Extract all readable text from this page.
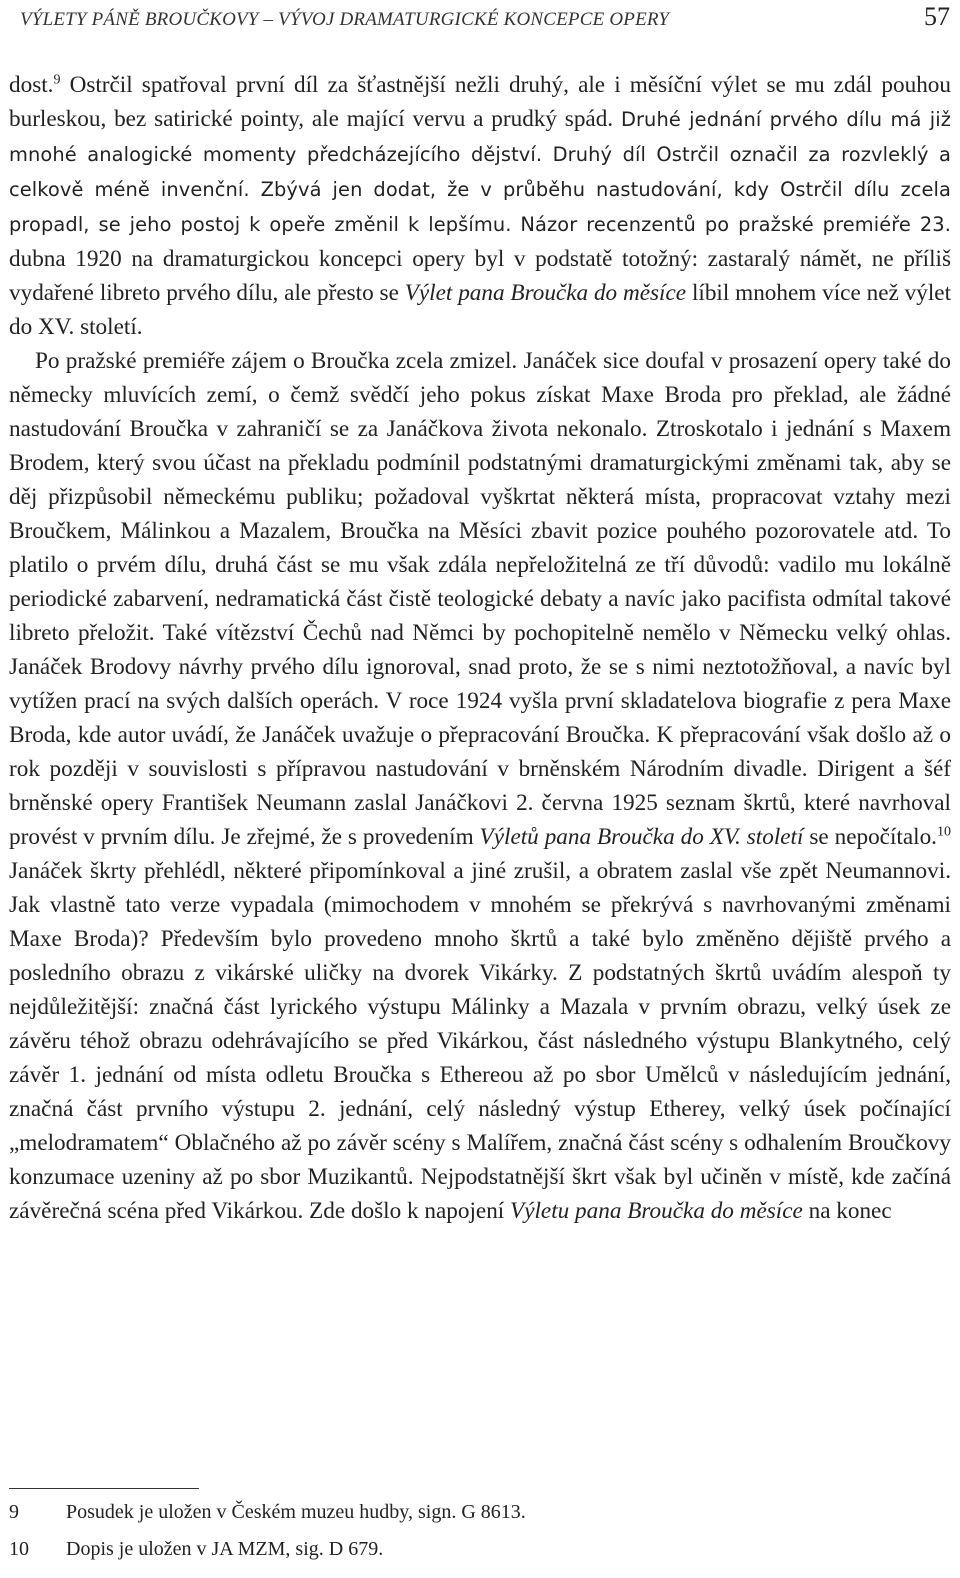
VÝLETY PÁNĚ BROUČKOVY – VÝVOJ DRAMATURGICKÉ KONCEPCE OPERY	57

dost.$^9$ Ostrčil spatřoval první díl za šťastnější nežli druhý, ale i měsíční výlet se mu zdál pouhou burleskou, bez satirické pointy, ale mající vervu a prudký spád. Druhé jednání prvého dílu má již mnohé analogické momenty předcházejícího dějství. Druhý díl Ostrčil označil za rozvleklý a celkově méně invenční. Zbývá jen dodat, že v průběhu nastudování, kdy Ostrčil dílu zcela propadl, se jeho postoj k opeře změnil k lepšímu. Názor recenzentů po pražské premiéře 23. dubna 1920 na dramaturgickou koncepci opery byl v podstatě totožný: zastaralý námět, ne příliš vydařené libreto prvého dílu, ale přesto se Výlet pana Broučka do měsíce líbil mnohem více než výlet do XV. století.

Po pražské premiéře zájem o Broučka zcela zmizel. Janáček sice doufal v prosazení opery také do německy mluvících zemí, o čemž svědčí jeho pokus získat Maxe Broda pro překlad, ale žádné nastudování Broučka v zahraničí se za Janáčkova života nekonalo. Ztroskotalo i jednání s Maxem Brodem, který svou účast na překladu podmínil podstatnými dramaturgickými změnami tak, aby se děj přizpůsobil německému publiku; požadoval vyškrtat některá místa, propracovat vztahy mezi Broučkem, Málinkou a Mazalem, Broučka na Měsíci zbavit pozice pouhého pozorovatele atd. To platilo o prvém dílu, druhá část se mu však zdála nepřeložitelná ze tří důvodů: vadilo mu lokálně periodické zabarvení, nedramatická část čistě teologické debaty a navíc jako pacifista odmítal takové libreto přeložit. Také vítězství Čechů nad Němci by pochopitelně nemělo v Německu velký ohlas. Janáček Brodovy návrhy prvého dílu ignoroval, snad proto, že se s nimi neztotožňoval, a navíc byl vytížen prací na svých dalších operách. V roce 1924 vyšla první skladatelova biografie z pera Maxe Broda, kde autor uvádí, že Janáček uvažuje o přepracování Broučka. K přepracování však došlo až o rok později v souvislosti s přípravou nastudování v brněnském Národním divadle. Dirigent a šéf brněnské opery František Neumann zaslal Janáčkovi 2. června 1925 seznam škrtů, které navrhoval provést v prvním dílu. Je zřejmé, že s provedením Výletů pana Broučka do XV. století se nepočítalo.$^{10}$ Janáček škrty přehlédl, některé připomínkoval a jiné zrušil, a obratem zaslal vše zpět Neumannovi. Jak vlastně tato verze vypadala (mimochodem v mnohém se překrývá s navrhovanými změnami Maxe Broda)? Především bylo provedeno mnoho škrtů a také bylo změněno dějiště prvého a posledního obrazu z vikárské uličky na dvorek Vikárky. Z podstatných škrtů uvádím alespoň ty nejdůležitější: značná část lyrického výstupu Málinky a Mazala v prvním obrazu, velký úsek ze závěru téhož obrazu odehrávajícího se před Vikárkou, část následného výstupu Blankytného, celý závěr 1. jednání od místa odletu Broučka s Ethereou až po sbor Umělců v následujícím jednání, značná část prvního výstupu 2. jednání, celý následný výstup Etherey, velký úsek počínající „melodramatem“ Oblačného až po závěr scény s Malířem, značná část scény s odhalením Broučkovy konzumace uzeniny až po sbor Muzikantů. Nejpodstatnější škrt však byl učiněn v místě, kde začíná závěrečná scéna před Vikárkou. Zde došlo k napojení Výletu pana Broučka do měsíce na konec

9 Posudek je uložen v Českém muzeu hudby, sign. G 8613.
10 Dopis je uložen v JA MZM, sig. D 679.
